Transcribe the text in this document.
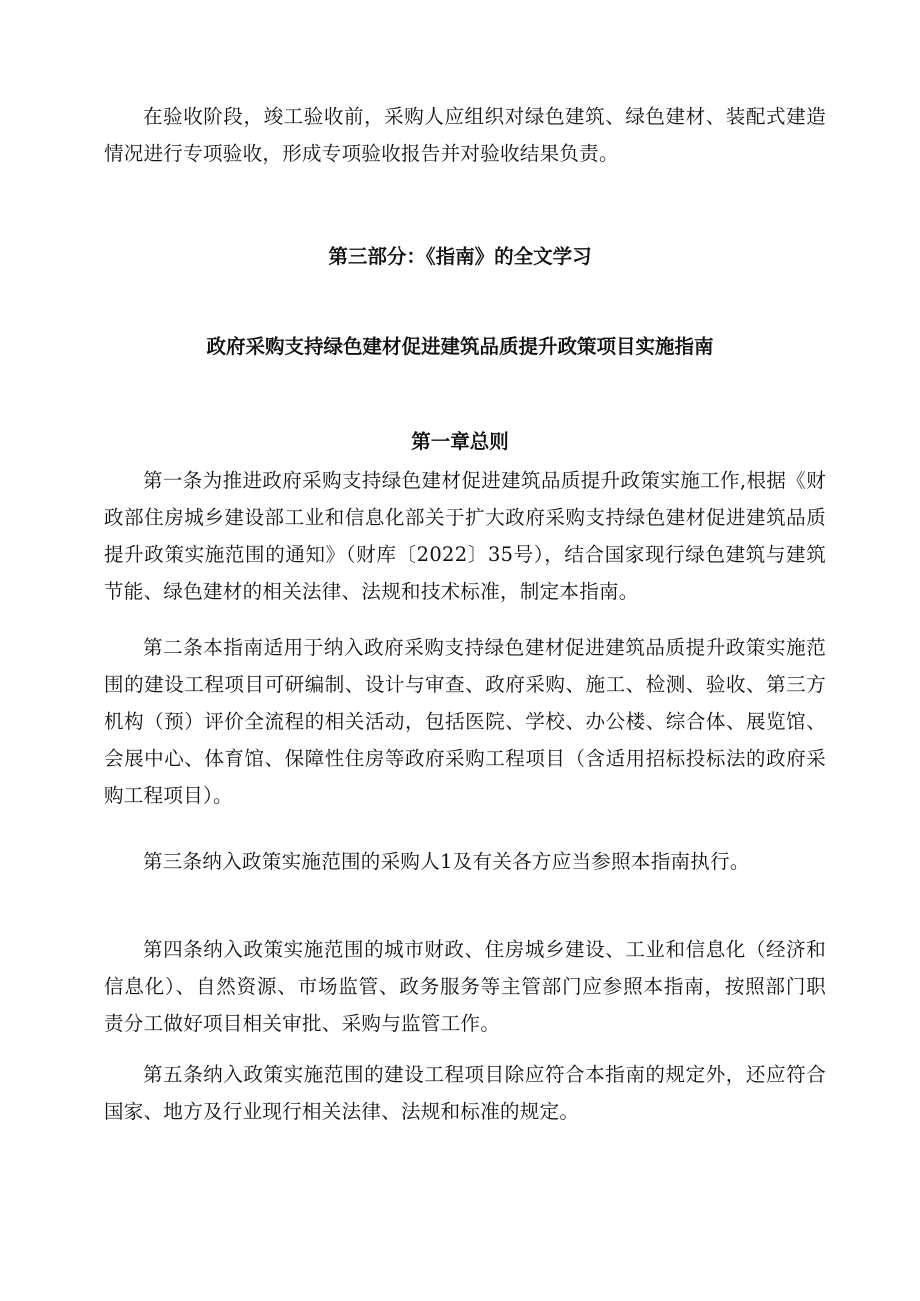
在验收阶段，竣工验收前，采购人应组织对绿色建筑、绿色建材、装配式建造情况进行专项验收，形成专项验收报告并对验收结果负责。

第三部分：《指南》的全文学习
政府采购支持绿色建材促进建筑品质提升政策项目实施指南
第一章总则

第一条为推进政府采购支持绿色建材促进建筑品质提升政策实施工作,根据《财政部住房城乡建设部工业和信息化部关于扩大政府采购支持绿色建材促进建筑品质提升政策实施范围的通知》（财库〔2022〕35号），结合国家现行绿色建筑与建筑节能、绿色建材的相关法律、法规和技术标准，制定本指南。

第二条本指南适用于纳入政府采购支持绿色建材促进建筑品质提升政策实施范围的建设工程项目可研编制、设计与审查、政府采购、施工、检测、验收、第三方机构（预）评价全流程的相关活动，包括医院、学校、办公楼、综合体、展览馆、会展中心、体育馆、保障性住房等政府采购工程项目（含适用招标投标法的政府采购工程项目）。

第三条纳入政策实施范围的采购人1及有关各方应当参照本指南执行。

第四条纳入政策实施范围的城市财政、住房城乡建设、工业和信息化（经济和信息化）、自然资源、市场监管、政务服务等主管部门应参照本指南，按照部门职责分工做好项目相关审批、采购与监管工作。

第五条纳入政策实施范围的建设工程项目除应符合本指南的规定外，还应符合国家、地方及行业现行相关法律、法规和标准的规定。
